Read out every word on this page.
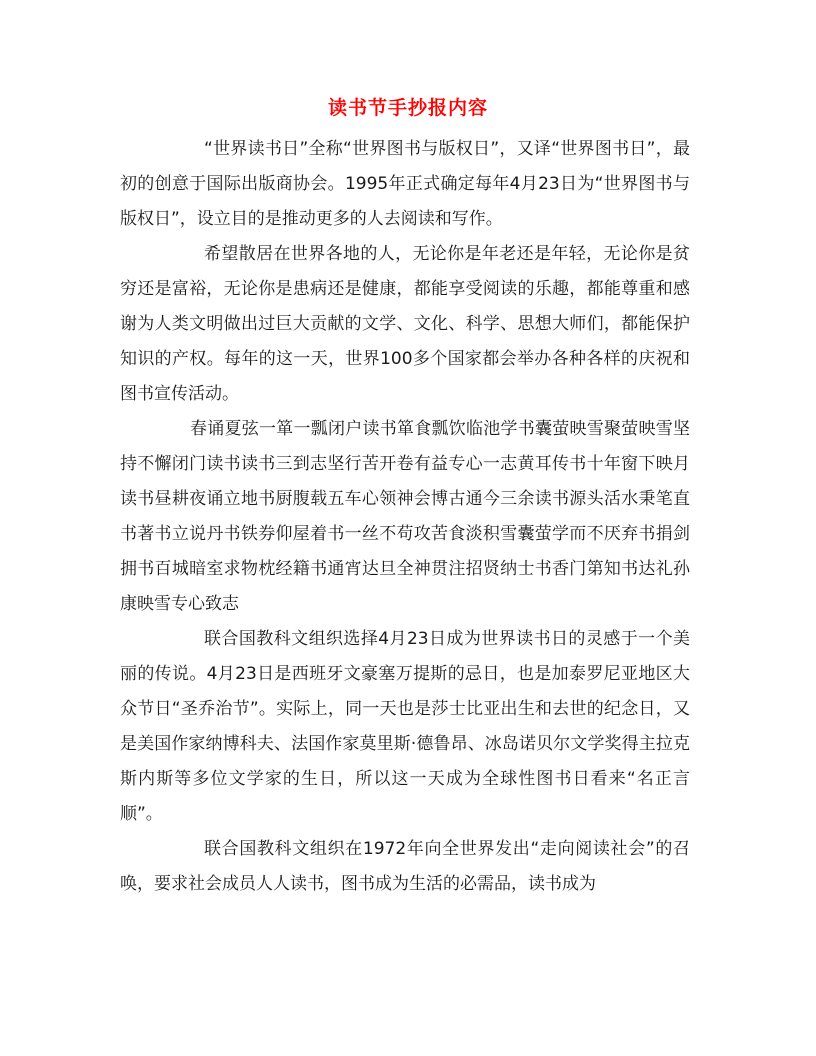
读书节手抄报内容

“世界读书日”全称“世界图书与版权日”，又译“世界图书日”，最初的创意于国际出版商协会。1995年正式确定每年4月23日为“世界图书与版权日”，设立目的是推动更多的人去阅读和写作。

希望散居在世界各地的人，无论你是年老还是年轻，无论你是贫穷还是富裕，无论你是患病还是健康，都能享受阅读的乐趣，都能尊重和感谢为人类文明做出过巨大贡献的文学、文化、科学、思想大师们，都能保护知识的产权。每年的这一天，世界100多个国家都会举办各种各样的庆祝和图书宣传活动。

春诵夏弦一箪一瓢闭户读书箪食瓢饮临池学书囊萤映雪聚萤映雪坚持不懈闭门读书读书三到志坚行苦开卷有益专心一志黄耳传书十年窗下映月读书昼耕夜诵立地书厨腹载五车心领神会博古通今三余读书源头活水秉笔直书著书立说丹书铁券仰屋着书一丝不苟攻苦食淡积雪囊萤学而不厌弃书捐剑拥书百城暗室求物枕经籍书通宵达旦全神贯注招贤纳士书香门第知书达礼孙康映雪专心致志

联合国教科文组织选择4月23日成为世界读书日的灵感于一个美丽的传说。4月23日是西班牙文豪塞万提斯的忌日，也是加泰罗尼亚地区大众节日“圣乔治节”。实际上，同一天也是莎士比亚出生和去世的纪念日，又是美国作家纳博科夫、法国作家莫里斯·德鲁昂、冰岛诺贝尔文学奖得主拉克斯内斯等多位文学家的生日，所以这一天成为全球性图书日看来“名正言顺”。

联合国教科文组织在1972年向全世界发出“走向阅读社会”的召唤，要求社会成员人人读书，图书成为生活的必需品，读书成为
